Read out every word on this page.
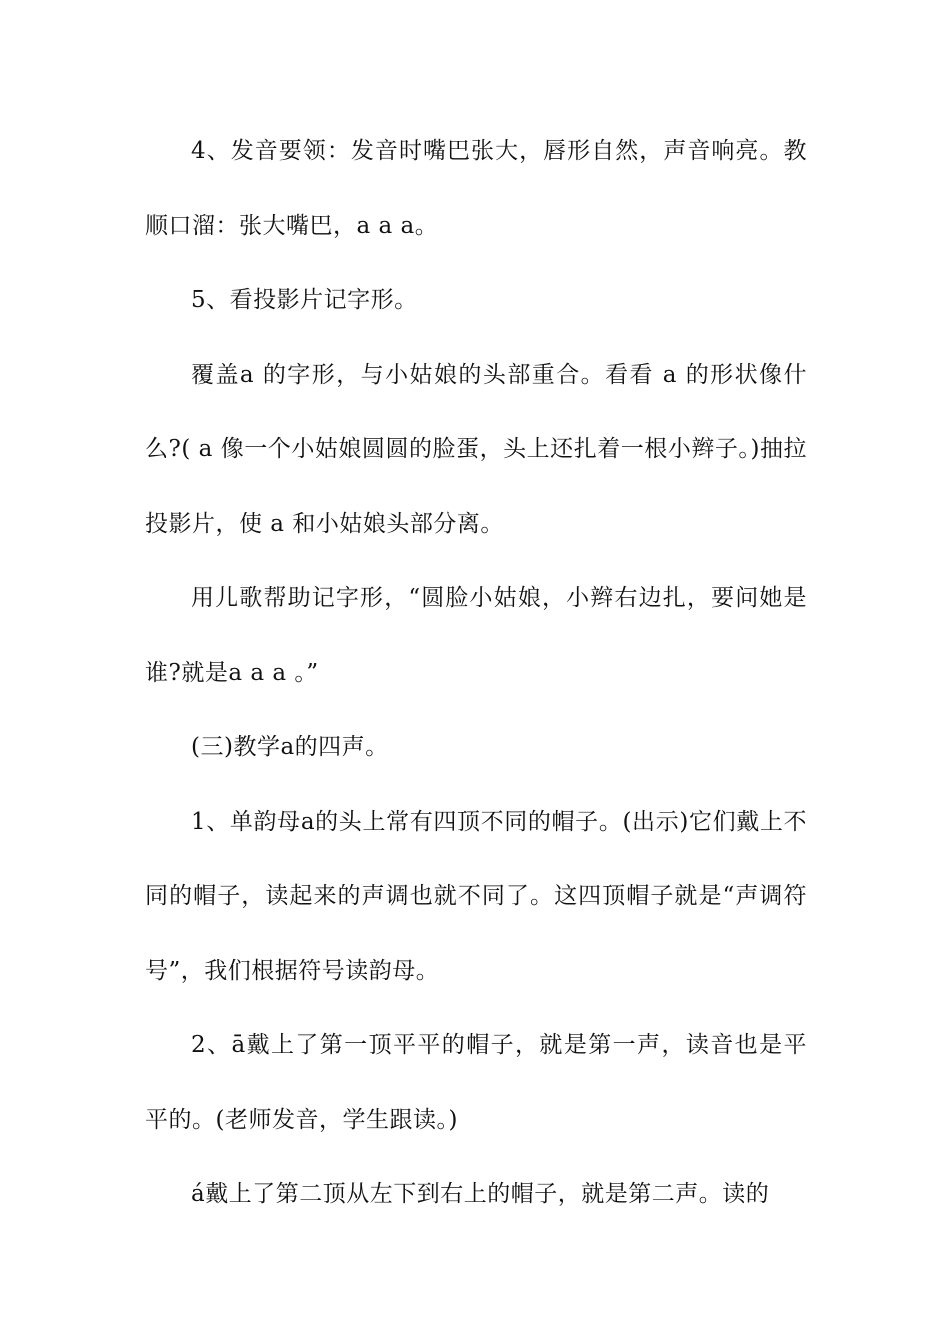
4、发音要领：发音时嘴巴张大，唇形自然，声音响亮。教顺口溜：张大嘴巴，a a a。

5、看投影片记字形。

覆盖a 的字形，与小姑娘的头部重合。看看 a 的形状像什么?( a 像一个小姑娘圆圆的脸蛋，头上还扎着一根小辫子。)抽拉投影片，使 a 和小姑娘头部分离。

用儿歌帮助记字形，“圆脸小姑娘，小辫右边扎，要问她是谁?就是a a a 。”

(三)教学a的四声。

1、单韵母a的头上常有四顶不同的帽子。(出示)它们戴上不同的帽子，读起来的声调也就不同了。这四顶帽子就是“声调符号”，我们根据符号读韵母。

2、ā戴上了第一顶平平的帽子，就是第一声，读音也是平平的。(老师发音，学生跟读。)

á戴上了第二顶从左下到右上的帽子，就是第二声。读的
